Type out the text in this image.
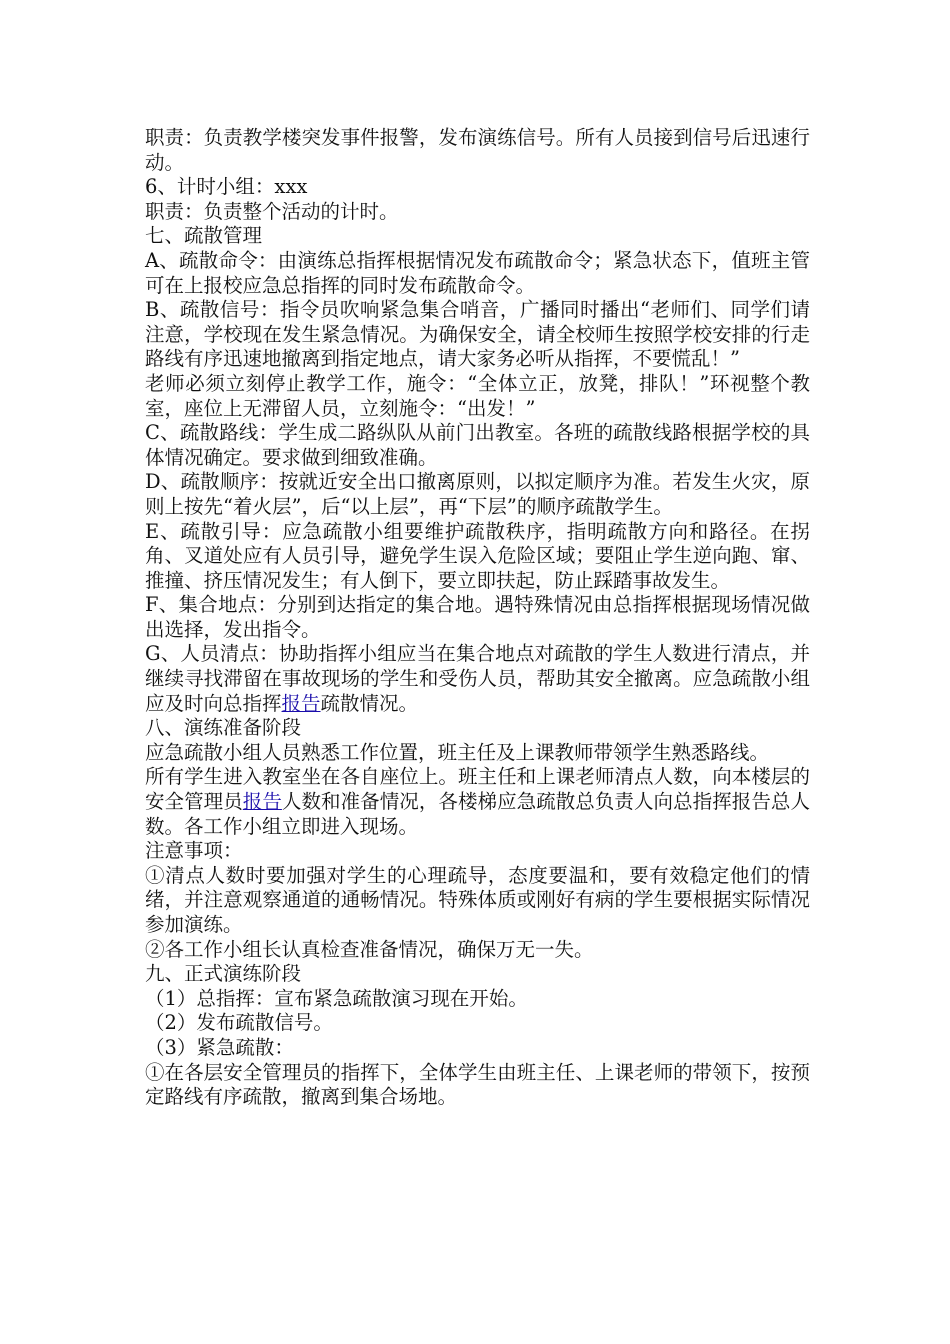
职责：负责教学楼突发事件报警，发布演练信号。所有人员接到信号后迅速行动。

6、计时小组：xxx

职责：负责整个活动的计时。

七、疏散管理

A、疏散命令：由演练总指挥根据情况发布疏散命令；紧急状态下，值班主管可在上报校应急总指挥的同时发布疏散命令。

B、疏散信号：指令员吹响紧急集合哨音，广播同时播出“老师们、同学们请注意，学校现在发生紧急情况。为确保安全，请全校师生按照学校安排的行走路线有序迅速地撤离到指定地点，请大家务必听从指挥，不要慌乱！”

老师必须立刻停止教学工作，施令：“全体立正，放凳，排队！”环视整个教室，座位上无滞留人员，立刻施令：“出发！”

C、疏散路线：学生成二路纵队从前门出教室。各班的疏散线路根据学校的具体情况确定。要求做到细致准确。

D、疏散顺序：按就近安全出口撤离原则，以拟定顺序为准。若发生火灾，原则上按先“着火层”，后“以上层”，再“下层”的顺序疏散学生。

E、疏散引导：应急疏散小组要维护疏散秩序，指明疏散方向和路径。在拐角、叉道处应有人员引导，避免学生误入危险区域；要阻止学生逆向跑、窜、推撞、挤压情况发生；有人倒下，要立即扶起，防止踩踏事故发生。

F、集合地点：分别到达指定的集合地。遇特殊情况由总指挥根据现场情况做出选择，发出指令。

G、人员清点：协助指挥小组应当在集合地点对疏散的学生人数进行清点，并继续寻找滞留在事故现场的学生和受伤人员，帮助其安全撤离。应急疏散小组应及时向总指挥报告疏散情况。

八、演练准备阶段

应急疏散小组人员熟悉工作位置，班主任及上课教师带领学生熟悉路线。

所有学生进入教室坐在各自座位上。班主任和上课老师清点人数，向本楼层的安全管理员报告人数和准备情况，各楼梯应急疏散总负责人向总指挥报告总人数。各工作小组立即进入现场。

注意事项：

①清点人数时要加强对学生的心理疏导，态度要温和，要有效稳定他们的情绪，并注意观察通道的通畅情况。特殊体质或刚好有病的学生要根据实际情况参加演练。

②各工作小组长认真检查准备情况，确保万无一失。

九、正式演练阶段

（1）总指挥：宣布紧急疏散演习现在开始。

（2）发布疏散信号。

（3）紧急疏散：

①在各层安全管理员的指挥下，全体学生由班主任、上课老师的带领下，按预定路线有序疏散，撤离到集合场地。
